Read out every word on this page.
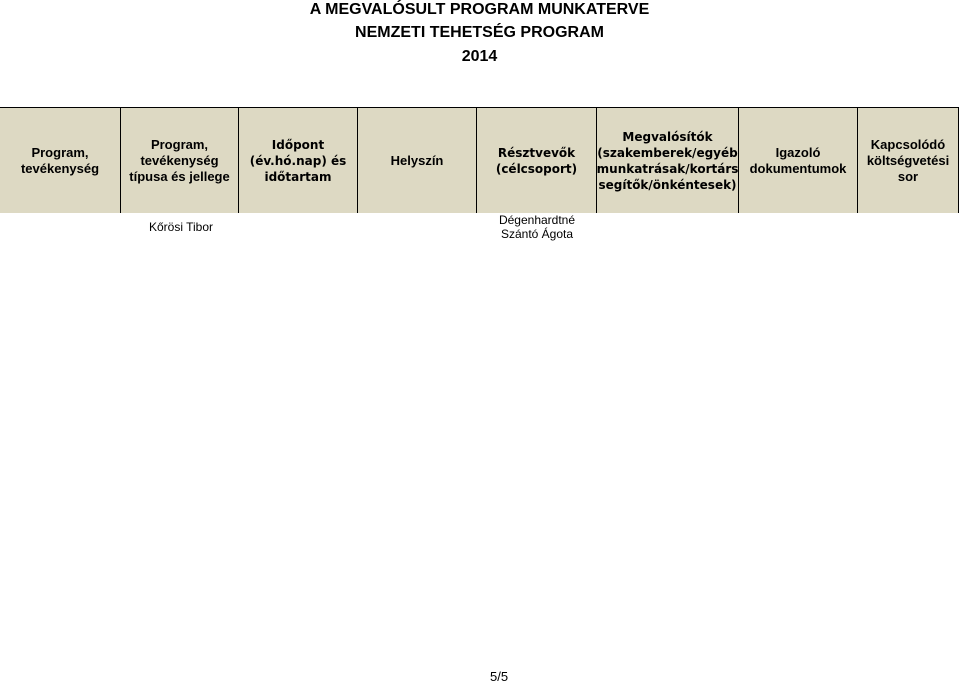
A MEGVALÓSULT PROGRAM MUNKATERVE
NEMZETI TEHETSÉG PROGRAM
2014
Program, tevékenység
Program, tevékenység típusa és jellege
Időpont (év.hó.nap) és időtartam
Helyszín	Résztvevők (célcsoport)
Megvalósítók (szakemberek/egyéb munkatrásak/kortárs segítők/önkéntesek)
Igazoló dokumentumok
Kapcsolódó költségvetési sor
Kőrösi Tibor	Dégenhardtné Szántó Ágota
5/5
